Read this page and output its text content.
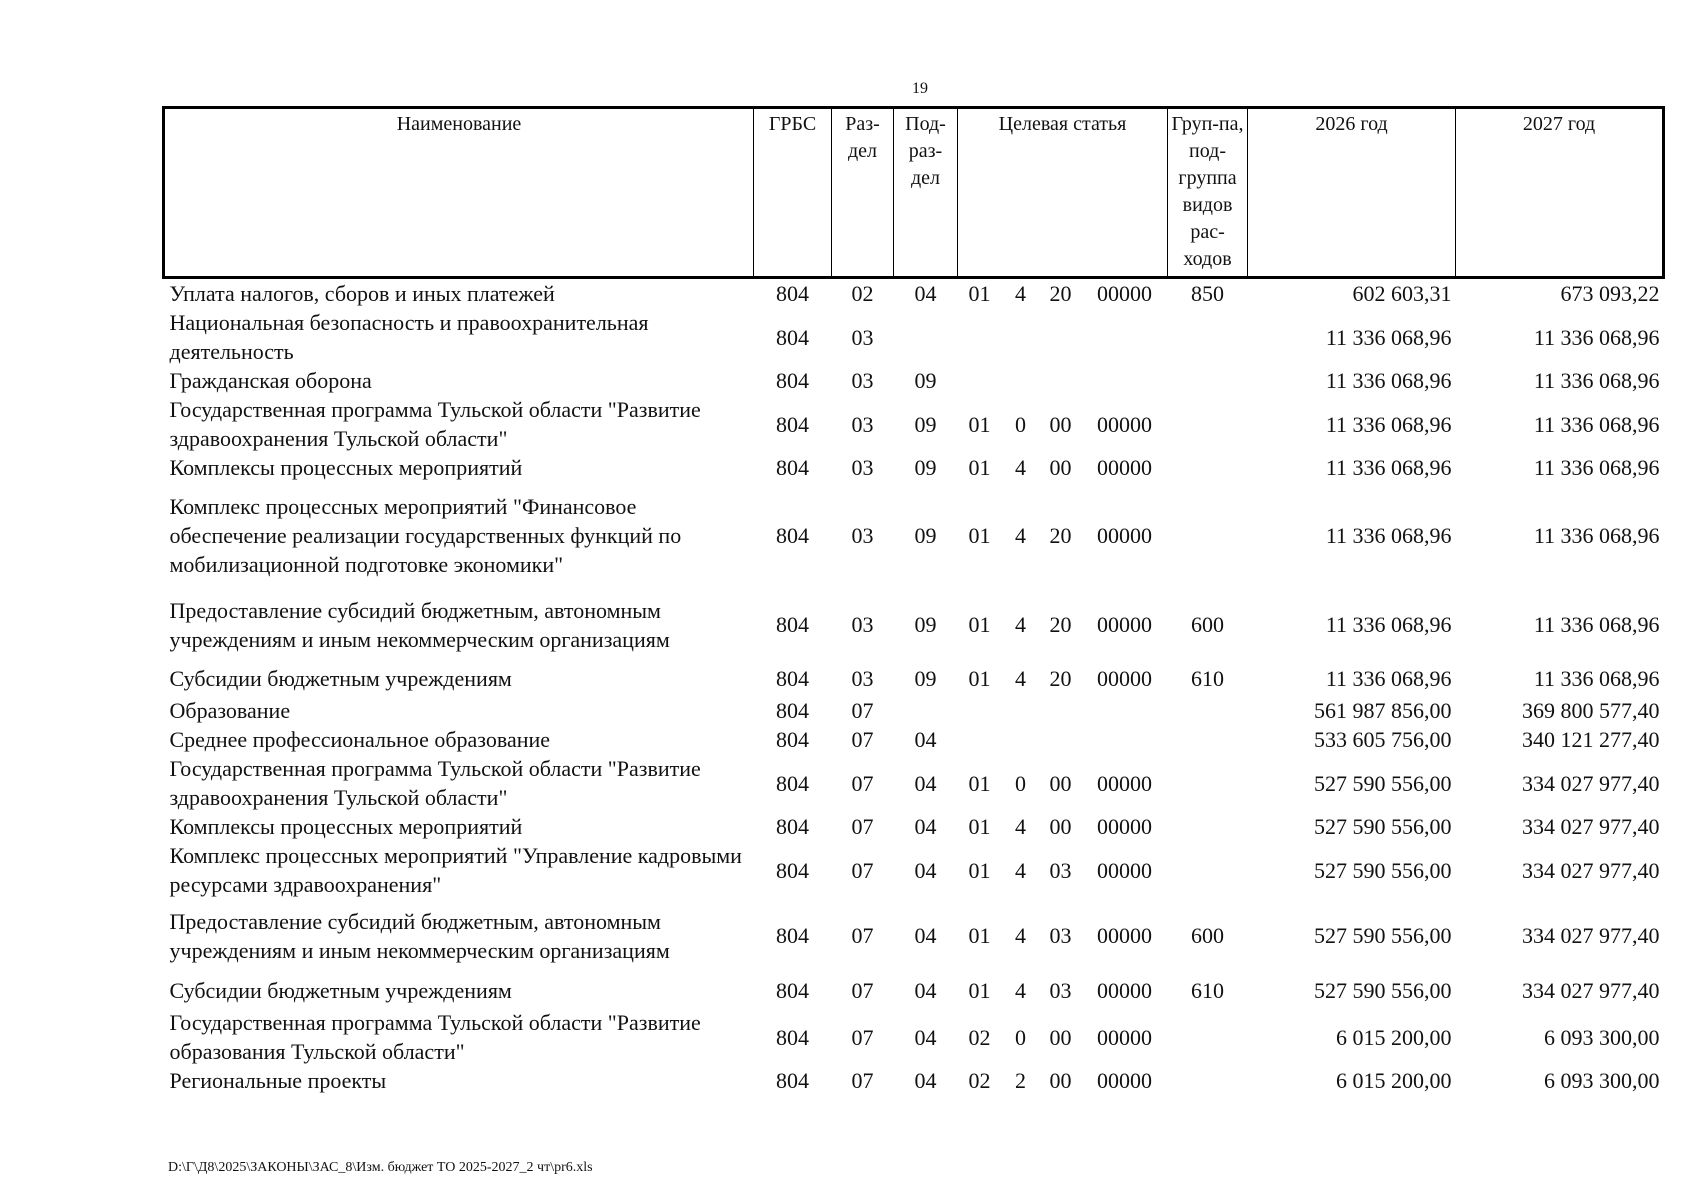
19
Наименование	ГРБС	Раз-дел	Под-раз-дел	Целевая статья				Груп-па, под-группа видов рас-ходов	2026 год	2027 год
Уплата налогов, сборов и иных платежей	804	02	04	01	4	20	00000	850	602 603,31	673 093,22
Национальная безопасность и правоохранительная деятельность	804	03							11 336 068,96	11 336 068,96
Гражданская оборона	804	03	09						11 336 068,96	11 336 068,96
Государственная программа Тульской области "Развитие здравоохранения Тульской области"	804	03	09	01	0	00	00000		11 336 068,96	11 336 068,96
Комплексы процессных мероприятий	804	03	09	01	4	00	00000		11 336 068,96	11 336 068,96
Комплекс процессных мероприятий "Финансовое обеспечение реализации государственных функций по мобилизационной подготовке экономики"	804	03	09	01	4	20	00000		11 336 068,96	11 336 068,96
Предоставление субсидий бюджетным, автономным учреждениям и иным некоммерческим организациям	804	03	09	01	4	20	00000	600	11 336 068,96	11 336 068,96
Субсидии бюджетным учреждениям	804	03	09	01	4	20	00000	610	11 336 068,96	11 336 068,96
Образование	804	07							561 987 856,00	369 800 577,40
Среднее профессиональное образование	804	07	04						533 605 756,00	340 121 277,40
Государственная программа Тульской области "Развитие здравоохранения Тульской области"	804	07	04	01	0	00	00000		527 590 556,00	334 027 977,40
Комплексы процессных мероприятий	804	07	04	01	4	00	00000		527 590 556,00	334 027 977,40
Комплекс процессных мероприятий "Управление кадровыми ресурсами здравоохранения"	804	07	04	01	4	03	00000		527 590 556,00	334 027 977,40
Предоставление субсидий бюджетным, автономным учреждениям и иным некоммерческим организациям	804	07	04	01	4	03	00000	600	527 590 556,00	334 027 977,40
Субсидии бюджетным учреждениям	804	07	04	01	4	03	00000	610	527 590 556,00	334 027 977,40
Государственная программа Тульской области "Развитие образования Тульской области"	804	07	04	02	0	00	00000		6 015 200,00	6 093 300,00
Региональные проекты	804	07	04	02	2	00	00000		6 015 200,00	6 093 300,00
D:\Г\Д8\2025\ЗАКОНЫ\ЗАС_8\Изм. бюджет ТО 2025-2027_2 чт\pr6.xls
